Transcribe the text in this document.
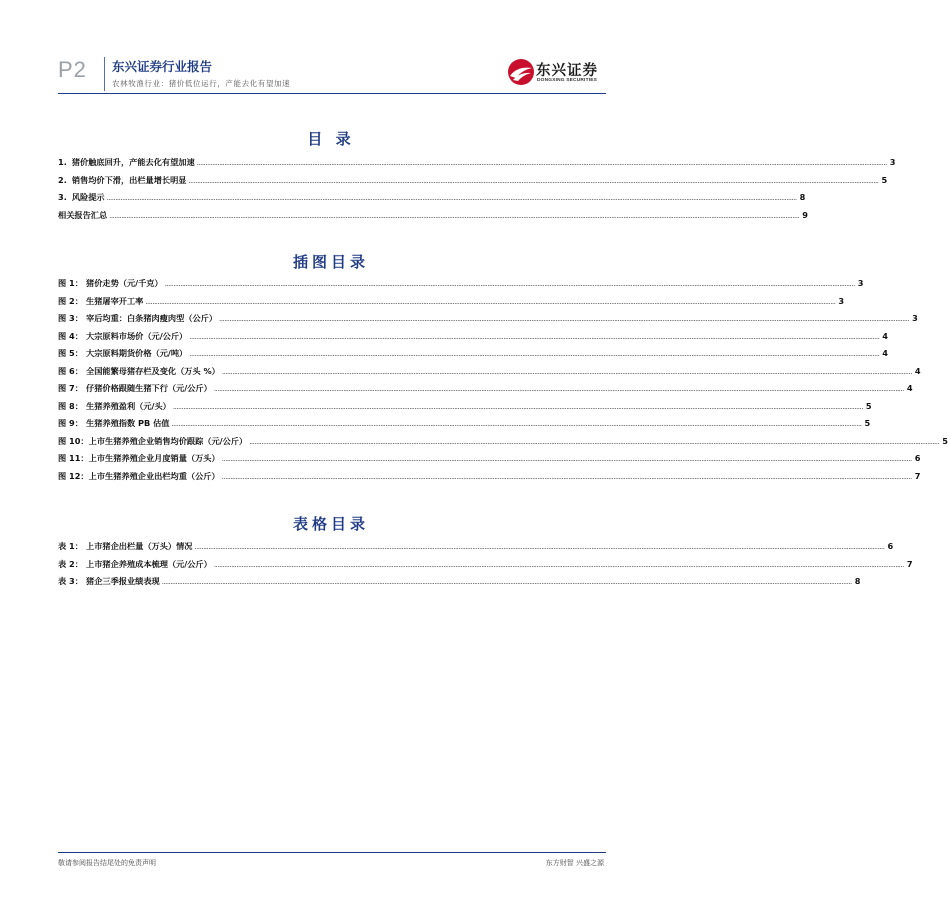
P2 东兴证券行业报告
农林牧渔行业：猪价低位运行，产能去化有望加速
东兴证券
DONGXING SECURITIES
目 录
1. 猪价触底回升，产能去化有望加速 ................................................................................................................................................................................................................................................................................................................................................................................................................ 3
2. 销售均价下滑，出栏量增长明显 ................................................................................................................................................................................................................................................................................................................................................................................................................ 5
3. 风险提示 ................................................................................................................................................................................................................................................................................................................................................................................................................ 8
相关报告汇总 ................................................................................................................................................................................................................................................................................................................................................................................................................ 9
插图目录
图 1： 猪价走势（元/千克） ................................................................................................................................................................................................................................................................................................................................................................................................................ 3
图 2： 生猪屠宰开工率 ................................................................................................................................................................................................................................................................................................................................................................................................................ 3
图 3： 宰后均重：白条猪肉瘦肉型（公斤） ................................................................................................................................................................................................................................................................................................................................................................................................................ 3
图 4： 大宗原料市场价（元/公斤） ................................................................................................................................................................................................................................................................................................................................................................................................................ 4
图 5： 大宗原料期货价格（元/吨） ................................................................................................................................................................................................................................................................................................................................................................................................................ 4
图 6： 全国能繁母猪存栏及变化（万头 %） ................................................................................................................................................................................................................................................................................................................................................................................................................ 4
图 7： 仔猪价格跟随生猪下行（元/公斤） ................................................................................................................................................................................................................................................................................................................................................................................................................ 4
图 8： 生猪养殖盈利（元/头） ................................................................................................................................................................................................................................................................................................................................................................................................................ 5
图 9： 生猪养殖指数 PB 估值 ................................................................................................................................................................................................................................................................................................................................................................................................................ 5
图 10： 上市生猪养殖企业销售均价跟踪（元/公斤） ................................................................................................................................................................................................................................................................................................................................................................................................................ 5
图 11： 上市生猪养殖企业月度销量（万头） ................................................................................................................................................................................................................................................................................................................................................................................................................ 6
图 12： 上市生猪养殖企业出栏均重（公斤） ................................................................................................................................................................................................................................................................................................................................................................................................................ 7
表格目录
表 1： 上市猪企出栏量（万头）情况 ................................................................................................................................................................................................................................................................................................................................................................................................................ 6
表 2： 上市猪企养殖成本梳理（元/公斤） ................................................................................................................................................................................................................................................................................................................................................................................................................ 7
表 3： 猪企三季报业绩表现 ................................................................................................................................................................................................................................................................................................................................................................................................................ 8
敬请参阅报告结尾处的免责声明	东方财智 兴盛之源
